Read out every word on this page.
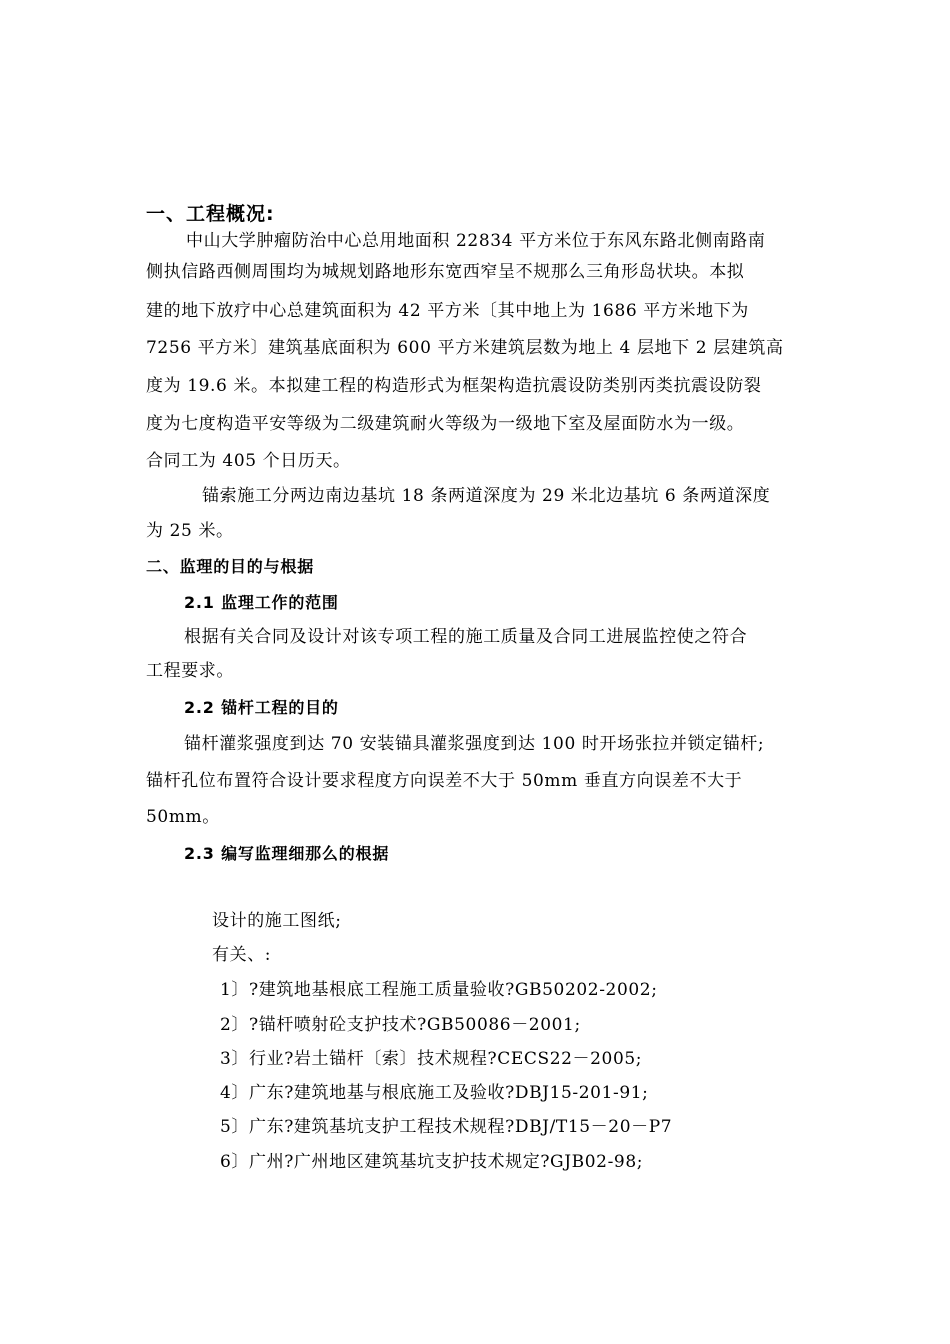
一、工程概况:
中山大学肿瘤防治中心总用地面积 22834 平方米位于东风东路北侧南路南
侧执信路西侧周围均为城规划路地形东宽西窄呈不规那么三角形岛状块。本拟
建的地下放疗中心总建筑面积为 42 平方米〔其中地上为 1686 平方米地下为
7256 平方米〕建筑基底面积为 600 平方米建筑层数为地上 4 层地下 2 层建筑高
度为 19.6 米。本拟建工程的构造形式为框架构造抗震设防类别丙类抗震设防裂
度为七度构造平安等级为二级建筑耐火等级为一级地下室及屋面防水为一级。
合同工为 405 个日历天。
锚索施工分两边南边基坑 18 条两道深度为 29 米北边基坑 6 条两道深度
为 25 米。
二、监理的目的与根据
2.1 监理工作的范围
根据有关合同及设计对该专项工程的施工质量及合同工进展监控使之符合
工程要求。
2.2 锚杆工程的目的
锚杆灌浆强度到达 70 安装锚具灌浆强度到达 100 时开场张拉并锁定锚杆;
锚杆孔位布置符合设计要求程度方向误差不大于 50mm 垂直方向误差不大于
50mm。
2.3 编写监理细那么的根据
设计的施工图纸;
有关、:
1〕?建筑地基根底工程施工质量验收?GB50202-2002;
2〕?锚杆喷射砼支护技术?GB50086－2001;
3〕行业?岩土锚杆〔索〕技术规程?CECS22－2005;
4〕广东?建筑地基与根底施工及验收?DBJ15-201-91;
5〕广东?建筑基坑支护工程技术规程?DBJ/T15－20－P7
6〕广州?广州地区建筑基坑支护技术规定?GJB02-98;
